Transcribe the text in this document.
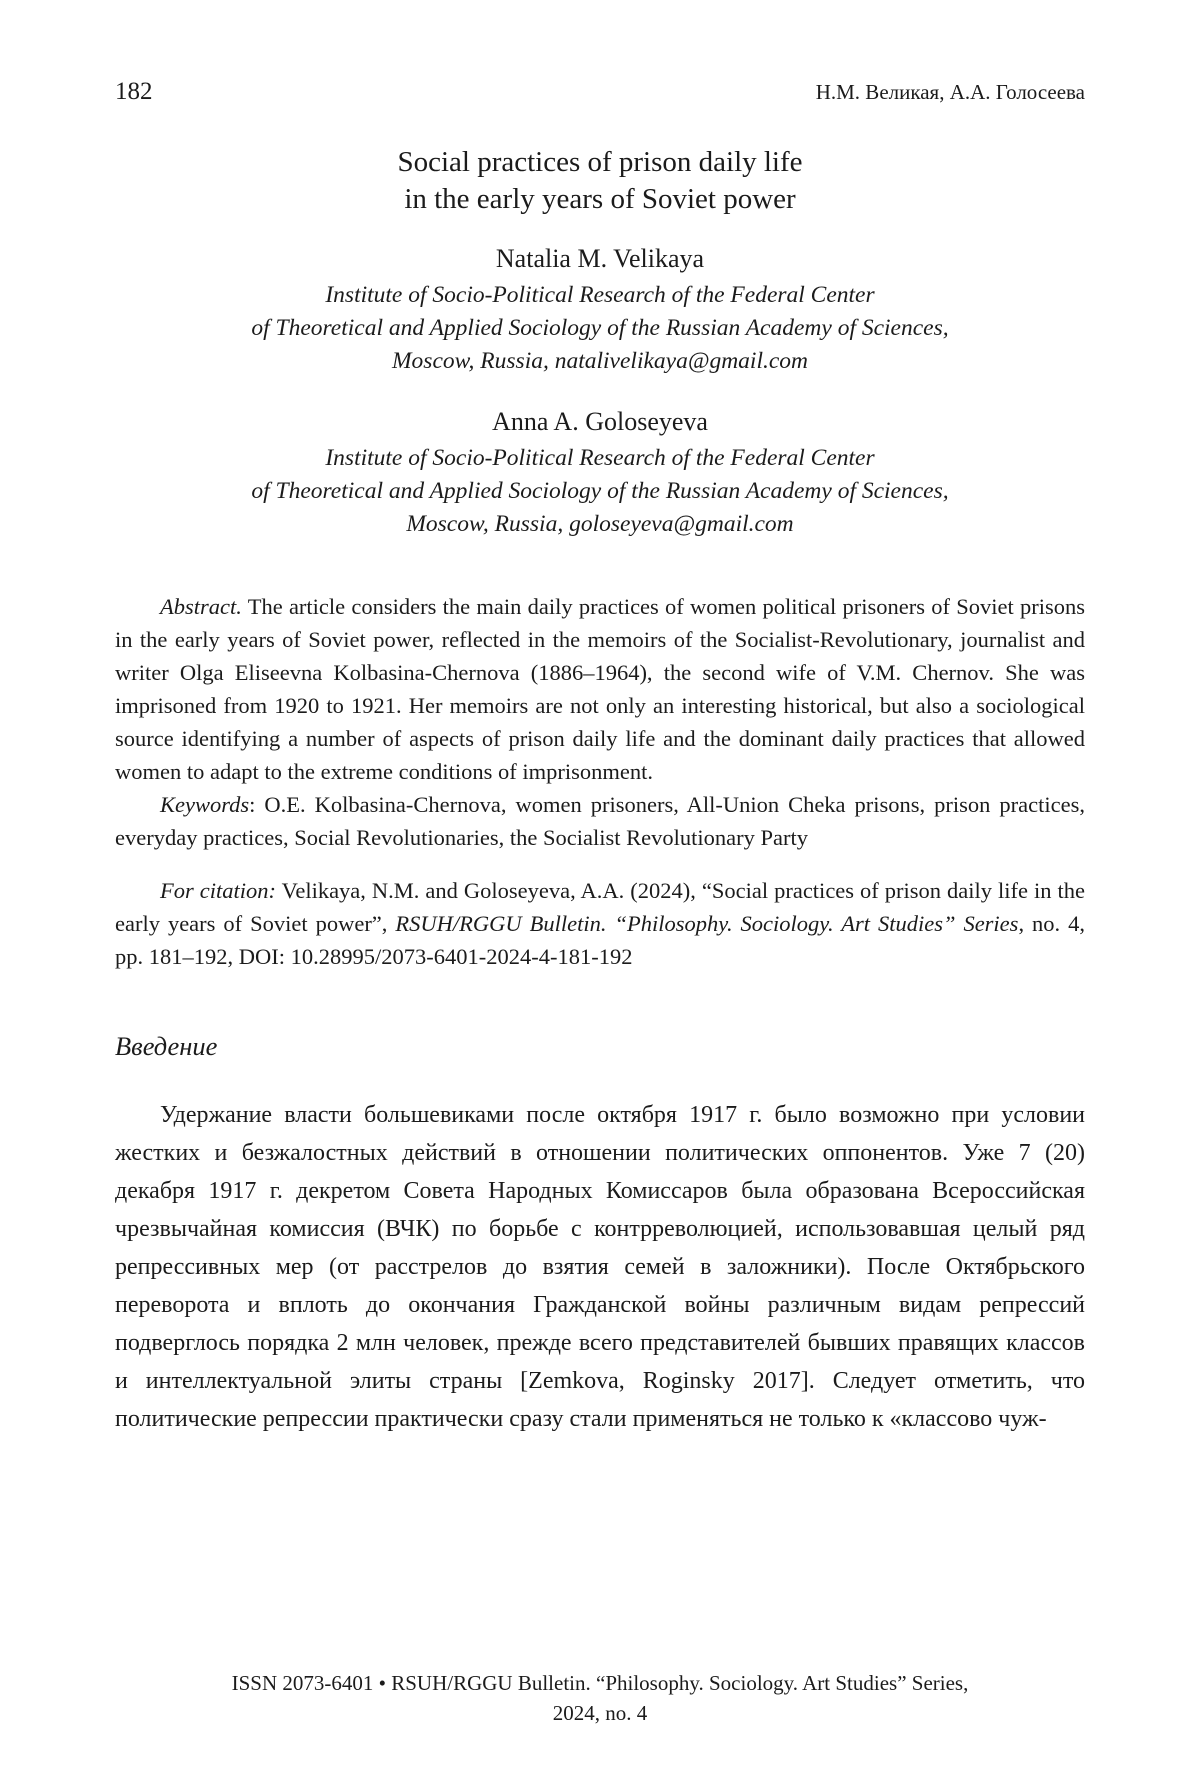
182	Н.М. Великая, А.А. Голосеева
Social practices of prison daily life
in the early years of Soviet power
Natalia M. Velikaya
Institute of Socio-Political Research of the Federal Center
of Theoretical and Applied Sociology of the Russian Academy of Sciences,
Moscow, Russia, natalivelikaya@gmail.com
Anna A. Goloseyeva
Institute of Socio-Political Research of the Federal Center
of Theoretical and Applied Sociology of the Russian Academy of Sciences,
Moscow, Russia, goloseyeva@gmail.com

Abstract. The article considers the main daily practices of women political prisoners of Soviet prisons in the early years of Soviet power, reflected in the memoirs of the Socialist-Revolutionary, journalist and writer Olga Eliseevna Kolbasina-Chernova (1886–1964), the second wife of V.M. Chernov. She was imprisoned from 1920 to 1921. Her memoirs are not only an interesting historical, but also a sociological source identifying a number of aspects of prison daily life and the dominant daily practices that allowed women to adapt to the extreme conditions of imprisonment.

Keywords: O.E. Kolbasina-Chernova, women prisoners, All-Union Cheka prisons, prison practices, everyday practices, Social Revolutionaries, the Socialist Revolutionary Party

For citation: Velikaya, N.M. and Goloseyeva, A.A. (2024), “Social practices of prison daily life in the early years of Soviet power”, RSUH/RGGU Bulletin. “Philosophy. Sociology. Art Studies” Series, no. 4, pp. 181–192, DOI: 10.28995/2073-6401-2024-4-181-192

Введение

Удержание власти большевиками после октября 1917 г. было возможно при условии жестких и безжалостных действий в отношении политических оппонентов. Уже 7 (20) декабря 1917 г. декретом Совета Народных Комиссаров была образована Всероссийская чрезвычайная комиссия (ВЧК) по борьбе с контрреволюцией, использовавшая целый ряд репрессивных мер (от расстрелов до взятия семей в заложники). После Октябрьского переворота и вплоть до окончания Гражданской войны различным видам репрессий подверглось порядка 2 млн человек, прежде всего представителей бывших правящих классов и интеллектуальной элиты страны [Zemkova, Roginsky 2017]. Следует отметить, что политические репрессии практически сразу стали применяться не только к «классово чуж-

ISSN 2073-6401 • RSUH/RGGU Bulletin. “Philosophy. Sociology. Art Studies” Series,
2024, no. 4
